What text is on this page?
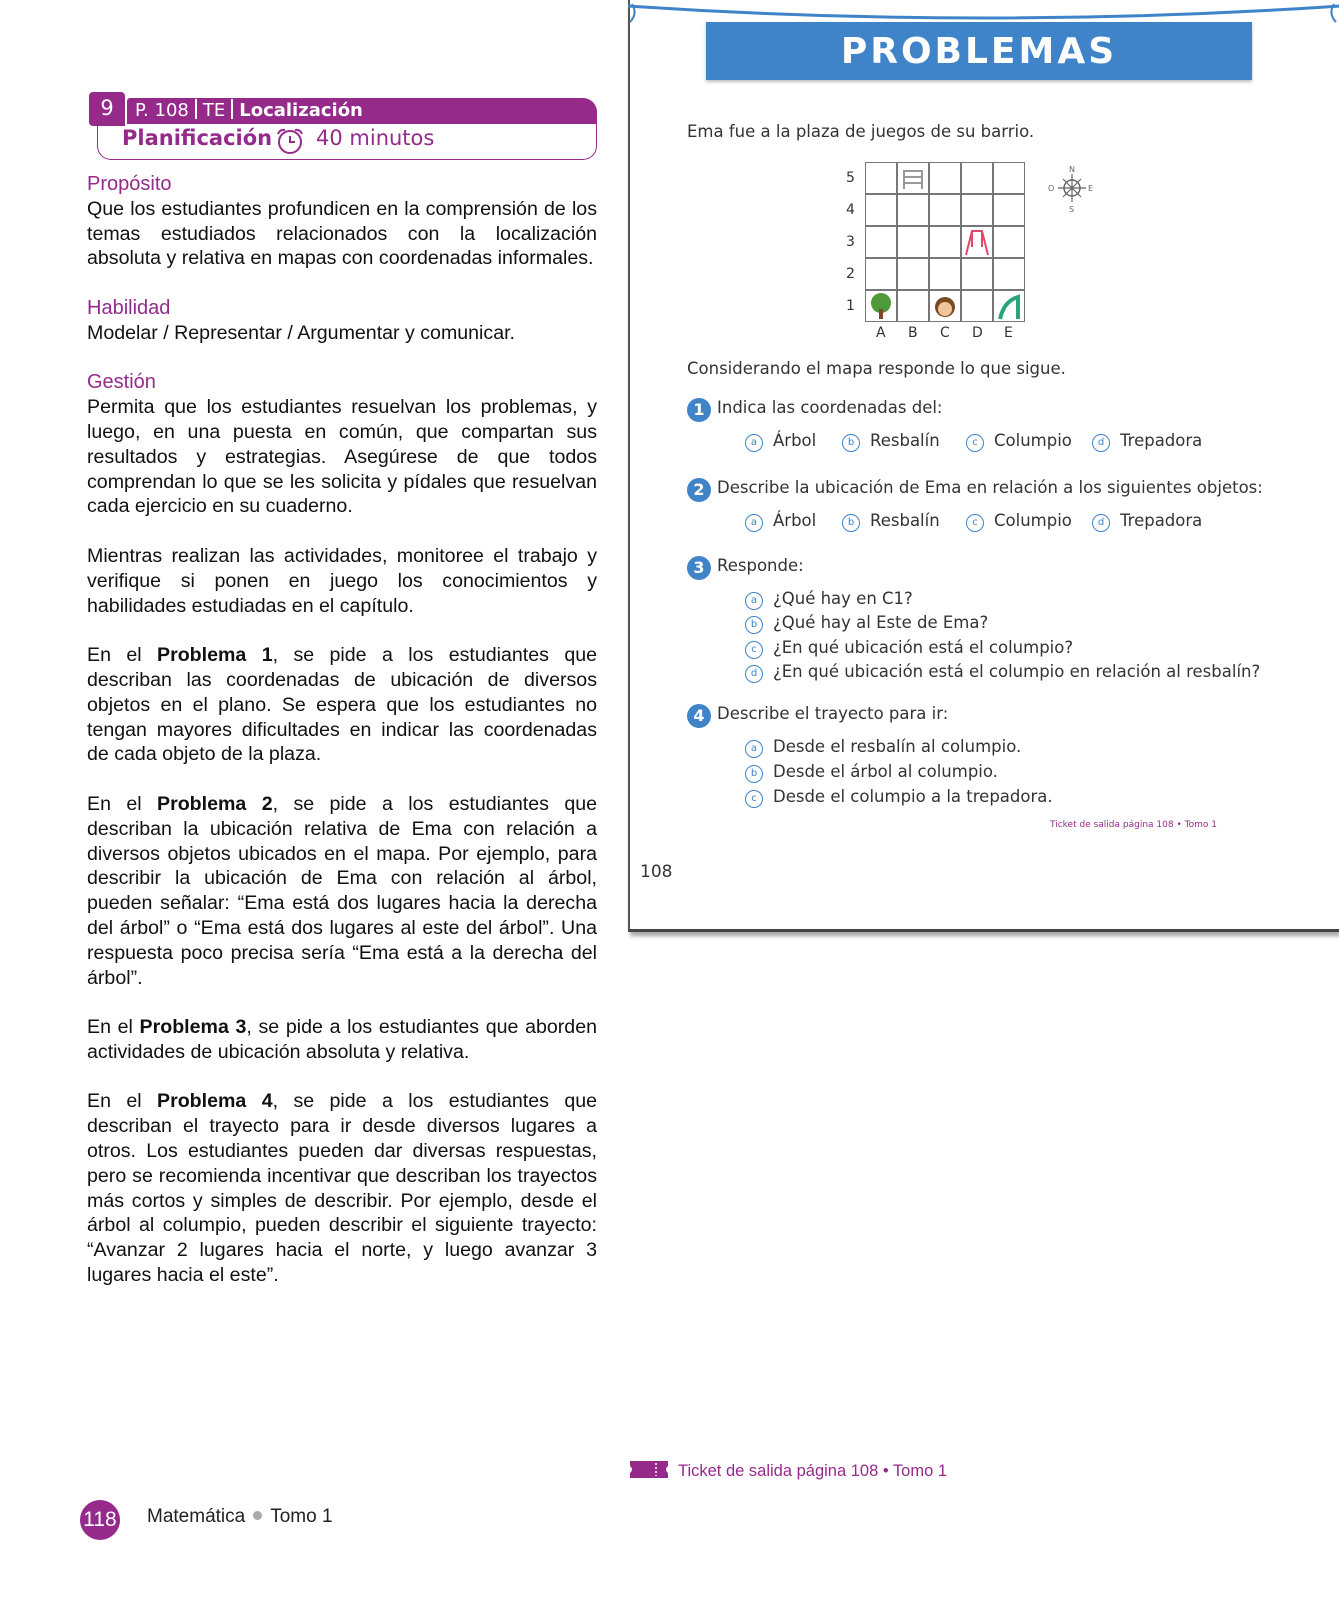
9	P. 108 TE Localización
Planificación 40 minutos

Propósito

Que los estudiantes profundicen en la comprensión de los temas estudiados relacionados con la localización absoluta y relativa en mapas con coordenadas informales.

Habilidad

Modelar / Representar / Argumentar y comunicar.

Gestión

Permita que los estudiantes resuelvan los problemas, y luego, en una puesta en común, que compartan sus resultados y estrategias. Asegúrese de que todos comprendan lo que se les solicita y pídales que resuelvan cada ejercicio en su cuaderno.

Mientras realizan las actividades, monitoree el trabajo y verifique si ponen en juego los conocimientos y habilidades estudiadas en el capítulo.

En el Problema 1, se pide a los estudiantes que describan las coordenadas de ubicación de diversos objetos en el plano. Se espera que los estudiantes no tengan mayores dificultades en indicar las coordenadas de cada objeto de la plaza.

En el Problema 2, se pide a los estudiantes que describan la ubicación relativa de Ema con relación a diversos objetos ubicados en el mapa. Por ejemplo, para describir la ubicación de Ema con relación al árbol, pueden señalar: “Ema está dos lugares hacia la derecha del árbol” o “Ema está dos lugares al este del árbol”. Una respuesta poco precisa sería “Ema está a la derecha del árbol”.

En el Problema 3, se pide a los estudiantes que aborden actividades de ubicación absoluta y relativa.

En el Problema 4, se pide a los estudiantes que describan el trayecto para ir desde diversos lugares a otros. Los estudiantes pueden dar diversas respuestas, pero se recomienda incentivar que describan los trayectos más cortos y simples de describir. Por ejemplo, desde el árbol al columpio, pueden describir el siguiente trayecto: “Avanzar 2 lugares hacia el norte, y luego avanzar 3 lugares hacia el este”.

PROBLEMAS
Ema fue a la plaza de juegos de su barrio.
5
4
3
2
1
A B C D E
N
S
E
O
Considerando el mapa responde lo que sigue.
1 Indica las coordenadas del:
a Árbol	b Resbalín	c Columpio	d Trepadora
2 Describe la ubicación de Ema en relación a los siguientes objetos:
a Árbol	b Resbalín	c Columpio	d Trepadora
3 Responde:
a ¿Qué hay en C1?
b ¿Qué hay al Este de Ema?
c ¿En qué ubicación está el columpio?
d ¿En qué ubicación está el columpio en relación al resbalín?
4 Describe el trayecto para ir:
a Desde el resbalín al columpio.
b Desde el árbol al columpio.
c Desde el columpio a la trepadora.
Ticket de salida página 108 • Tomo 1
108
Ticket de salida página 108 • Tomo 1
118 Matemática Tomo 1
